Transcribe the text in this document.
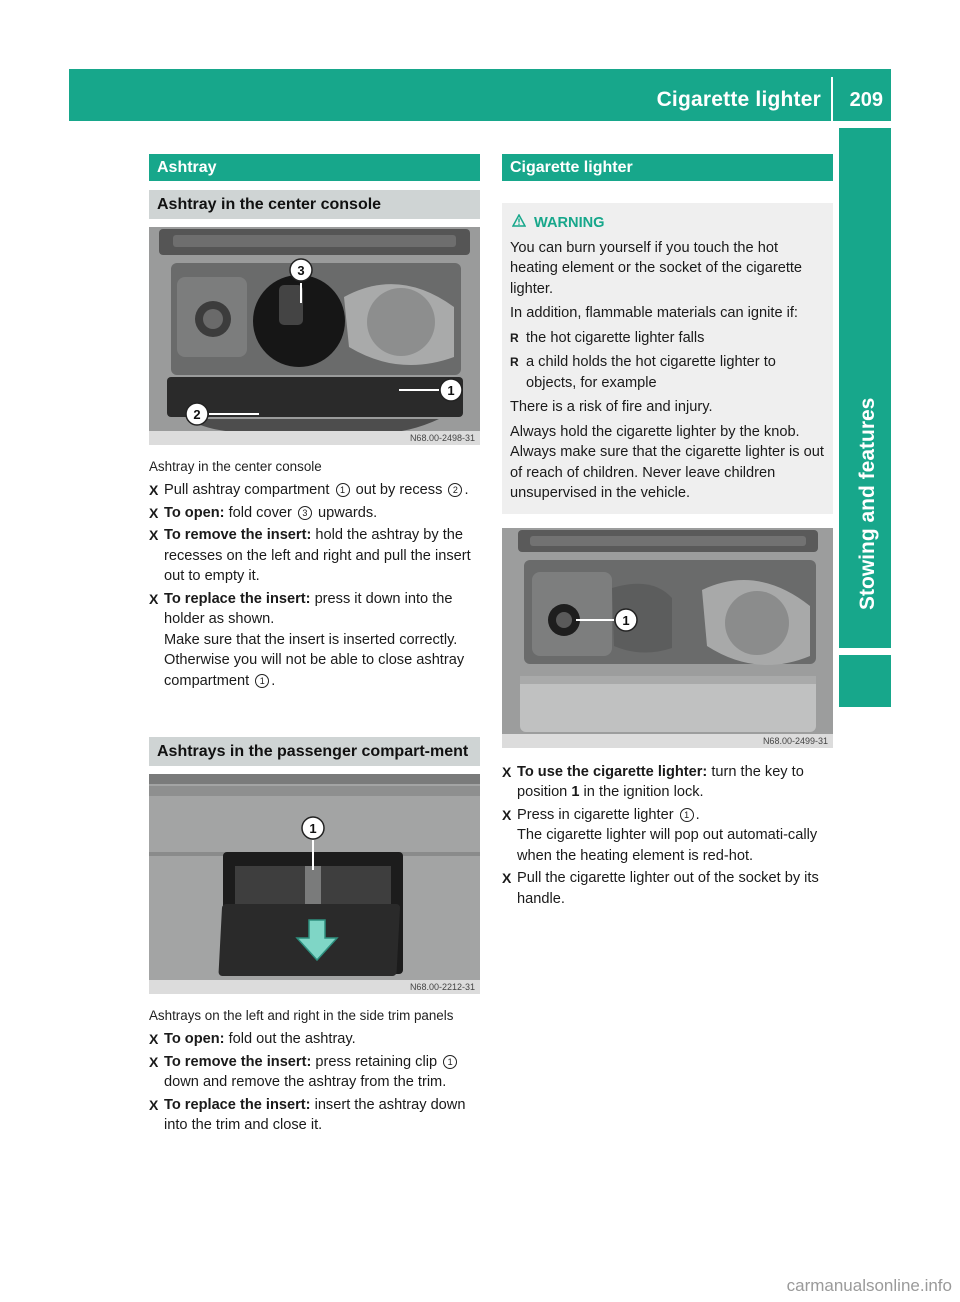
Cigarette lighter 209
Stowing and features
Ashtray
Ashtray in the center console
3
1
2
N68.00-2498-31
Ashtray in the center console
X Pull ashtray compartment 1 out by recess 2 .
X To open: fold cover 3 upwards.
X To remove the insert: hold the ashtray by the recesses on the left and right and pull the insert out to empty it.
X To replace the insert: press it down into the holder as shown.
Make sure that the insert is inserted correctly. Otherwise you will not be able to close ashtray compartment 1 .
Ashtrays in the passenger compart-ment
1
N68.00-2212-31
Ashtrays on the left and right in the side trim panels
X To open: fold out the ashtray.
X To remove the insert: press retaining clip 1 down and remove the ashtray from the trim.
X To replace the insert: insert the ashtray down into the trim and close it.
Cigarette lighter
WARNING

You can burn yourself if you touch the hot heating element or the socket of the cigarette lighter.

In addition, flammable materials can ignite if:

R the hot cigarette lighter falls

R a child holds the hot cigarette lighter to objects, for example

There is a risk of fire and injury.

Always hold the cigarette lighter by the knob. Always make sure that the cigarette lighter is out of reach of children. Never leave children unsupervised in the vehicle.

1
N68.00-2499-31
X To use the cigarette lighter: turn the key to position 1 in the ignition lock.
X Press in cigarette lighter 1 .
The cigarette lighter will pop out automati-cally when the heating element is red-hot.
X Pull the cigarette lighter out of the socket by its handle.
carmanualsonline.info
